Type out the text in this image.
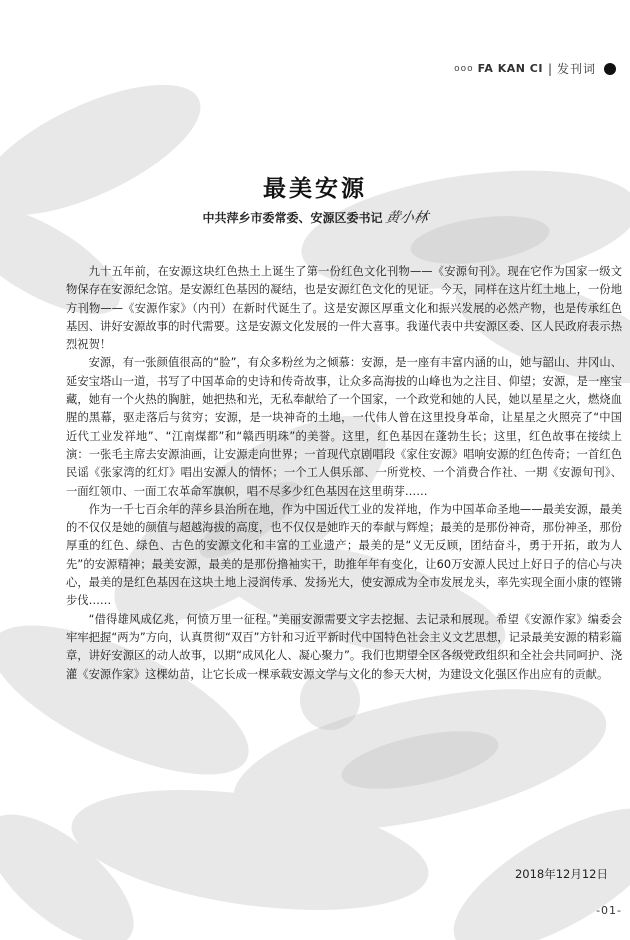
ooo FA KAN CI | 发刊词
最美安源
中共萍乡市委常委、安源区委书记黄小林

九十五年前，在安源这块红色热土上诞生了第一份红色文化刊物——《安源旬刊》。现在它作为国家一级文物保存在安源纪念馆。是安源红色基因的凝结，也是安源红色文化的见证。今天，同样在这片红土地上，一份地方刊物——《安源作家》（内刊）在新时代诞生了。这是安源区厚重文化和振兴发展的必然产物，也是传承红色基因、讲好安源故事的时代需要。这是安源文化发展的一件大喜事。我谨代表中共安源区委、区人民政府表示热烈祝贺！

安源，有一张颜值很高的“脸”，有众多粉丝为之倾慕：安源，是一座有丰富内涵的山，她与韶山、井冈山、延安宝塔山一道，书写了中国革命的史诗和传奇故事，让众多高海拔的山峰也为之注目、仰望；安源，是一座宝藏，她有一个火热的胸脏，她把热和光，无私奉献给了一个国家，一个政党和她的人民，她以星星之火，燃烧血腥的黑幕，驱走落后与贫穷；安源，是一块神奇的土地，一代伟人曾在这里投身革命，让星星之火照亮了“中国近代工业发祥地”、“江南煤都”和“赣西明珠”的美誉。这里，红色基因在蓬勃生长；这里，红色故事在接续上演：一张毛主席去安源油画，让安源走向世界；一首现代京剧唱段《家住安源》唱响安源的红色传奇；一首红色民谣《张家湾的红灯》唱出安源人的情怀；一个工人俱乐部、一所党校、一个消费合作社、一期《安源旬刊》、一面红领巾、一面工农革命军旗帜，唱不尽多少红色基因在这里萌芽……

作为一千七百余年的萍乡县治所在地，作为中国近代工业的发祥地，作为中国革命圣地——最美安源，最美的不仅仅是她的颜值与超越海拔的高度，也不仅仅是她昨天的奉献与辉煌；最美的是那份神奇，那份神圣，那份厚重的红色、绿色、古色的安源文化和丰富的工业遗产；最美的是“义无反顾，团结奋斗，勇于开拓，敢为人先”的安源精神；最美安源，最美的是那份撸袖实干，助推年年有变化，让60万安源人民过上好日子的信心与决心，最美的是红色基因在这块土地上浸润传承、发扬光大，使安源成为全市发展龙头，率先实现全面小康的铿锵步伐……

“借得雄风成亿兆，何愤万里一征程。”美丽安源需要文字去挖掘、去记录和展现。希望《安源作家》编委会牢牢把握“两为”方向，认真贯彻“双百”方针和习近平新时代中国特色社会主义文艺思想，记录最美安源的精彩篇章，讲好安源区的动人故事，以期“成风化人、凝心聚力”。我们也期望全区各级党政组织和全社会共同呵护、浇灌《安源作家》这棵幼苗，让它长成一棵承载安源文学与文化的参天大树，为建设文化强区作出应有的贡献。

2018年12月12日
-01-
